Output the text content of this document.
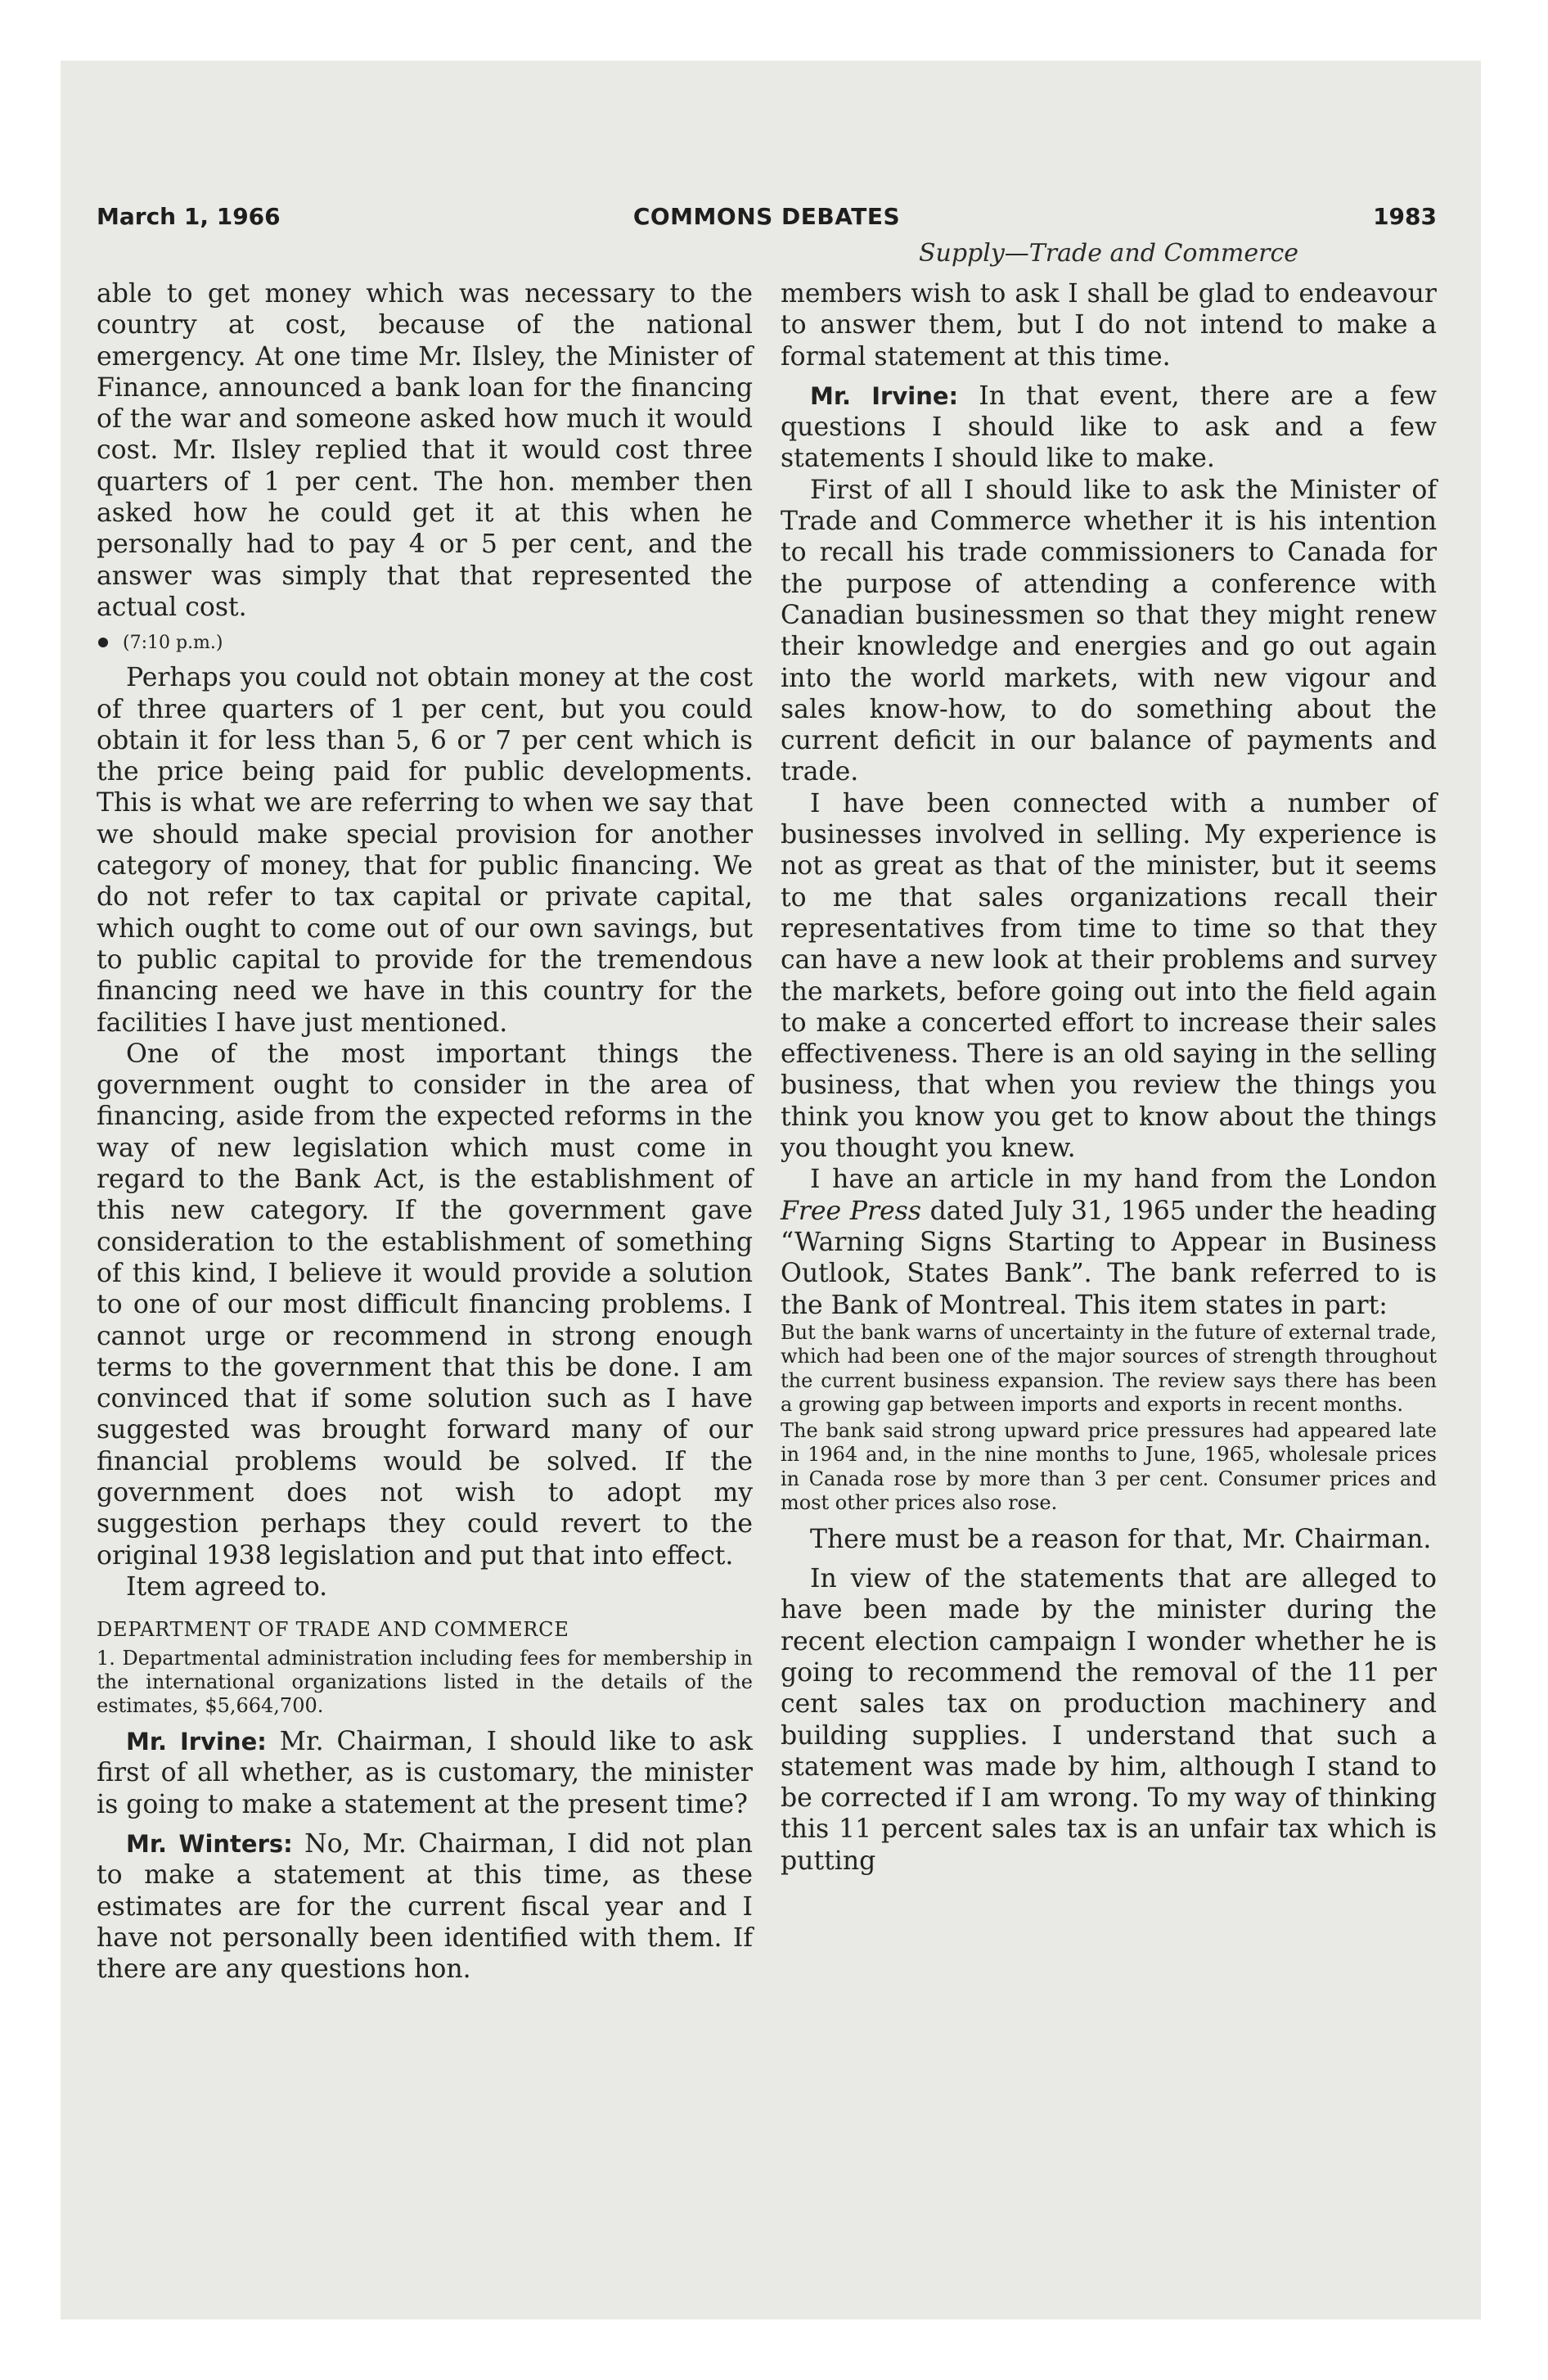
March 1, 1966	COMMONS DEBATES	1983
Supply—Trade and Commerce

able to get money which was necessary to the country at cost, because of the national emergency. At one time Mr. Ilsley, the Minister of Finance, announced a bank loan for the financing of the war and someone asked how much it would cost. Mr. Ilsley replied that it would cost three quarters of 1 per cent. The hon. member then asked how he could get it at this when he personally had to pay 4 or 5 per cent, and the answer was simply that that represented the actual cost.

(7:10 p.m.)

Perhaps you could not obtain money at the cost of three quarters of 1 per cent, but you could obtain it for less than 5, 6 or 7 per cent which is the price being paid for public developments. This is what we are referring to when we say that we should make special provision for another category of money, that for public financing. We do not refer to tax capital or private capital, which ought to come out of our own savings, but to public capital to provide for the tremendous financing need we have in this country for the facilities I have just mentioned.

One of the most important things the government ought to consider in the area of financing, aside from the expected reforms in the way of new legislation which must come in regard to the Bank Act, is the establishment of this new category. If the government gave consideration to the establishment of something of this kind, I believe it would provide a solution to one of our most difficult financing problems. I cannot urge or recommend in strong enough terms to the government that this be done. I am convinced that if some solution such as I have suggested was brought forward many of our financial problems would be solved. If the government does not wish to adopt my suggestion perhaps they could revert to the original 1938 legislation and put that into effect.

Item agreed to.

DEPARTMENT OF TRADE AND COMMERCE

1. Departmental administration including fees for membership in the international organizations listed in the details of the estimates, $5,664,700.

Mr. Irvine: Mr. Chairman, I should like to ask first of all whether, as is customary, the minister is going to make a statement at the present time?

Mr. Winters: No, Mr. Chairman, I did not plan to make a statement at this time, as these estimates are for the current fiscal year and I have not personally been identified with them. If there are any questions hon.

members wish to ask I shall be glad to endeavour to answer them, but I do not intend to make a formal statement at this time.

Mr. Irvine: In that event, there are a few questions I should like to ask and a few statements I should like to make.

First of all I should like to ask the Minister of Trade and Commerce whether it is his intention to recall his trade commissioners to Canada for the purpose of attending a conference with Canadian businessmen so that they might renew their knowledge and energies and go out again into the world markets, with new vigour and sales know-how, to do something about the current deficit in our balance of payments and trade.

I have been connected with a number of businesses involved in selling. My experience is not as great as that of the minister, but it seems to me that sales organizations recall their representatives from time to time so that they can have a new look at their problems and survey the markets, before going out into the field again to make a concerted effort to increase their sales effectiveness. There is an old saying in the selling business, that when you review the things you think you know you get to know about the things you thought you knew.

I have an article in my hand from the London Free Press dated July 31, 1965 under the heading “Warning Signs Starting to Appear in Business Outlook, States Bank”. The bank referred to is the Bank of Montreal. This item states in part:

But the bank warns of uncertainty in the future of external trade, which had been one of the major sources of strength throughout the current business expansion. The review says there has been a growing gap between imports and exports in recent months.

The bank said strong upward price pressures had appeared late in 1964 and, in the nine months to June, 1965, wholesale prices in Canada rose by more than 3 per cent. Consumer prices and most other prices also rose.

There must be a reason for that, Mr. Chairman.

In view of the statements that are alleged to have been made by the minister during the recent election campaign I wonder whether he is going to recommend the removal of the 11 per cent sales tax on production machinery and building supplies. I understand that such a statement was made by him, although I stand to be corrected if I am wrong. To my way of thinking this 11 percent sales tax is an unfair tax which is putting
